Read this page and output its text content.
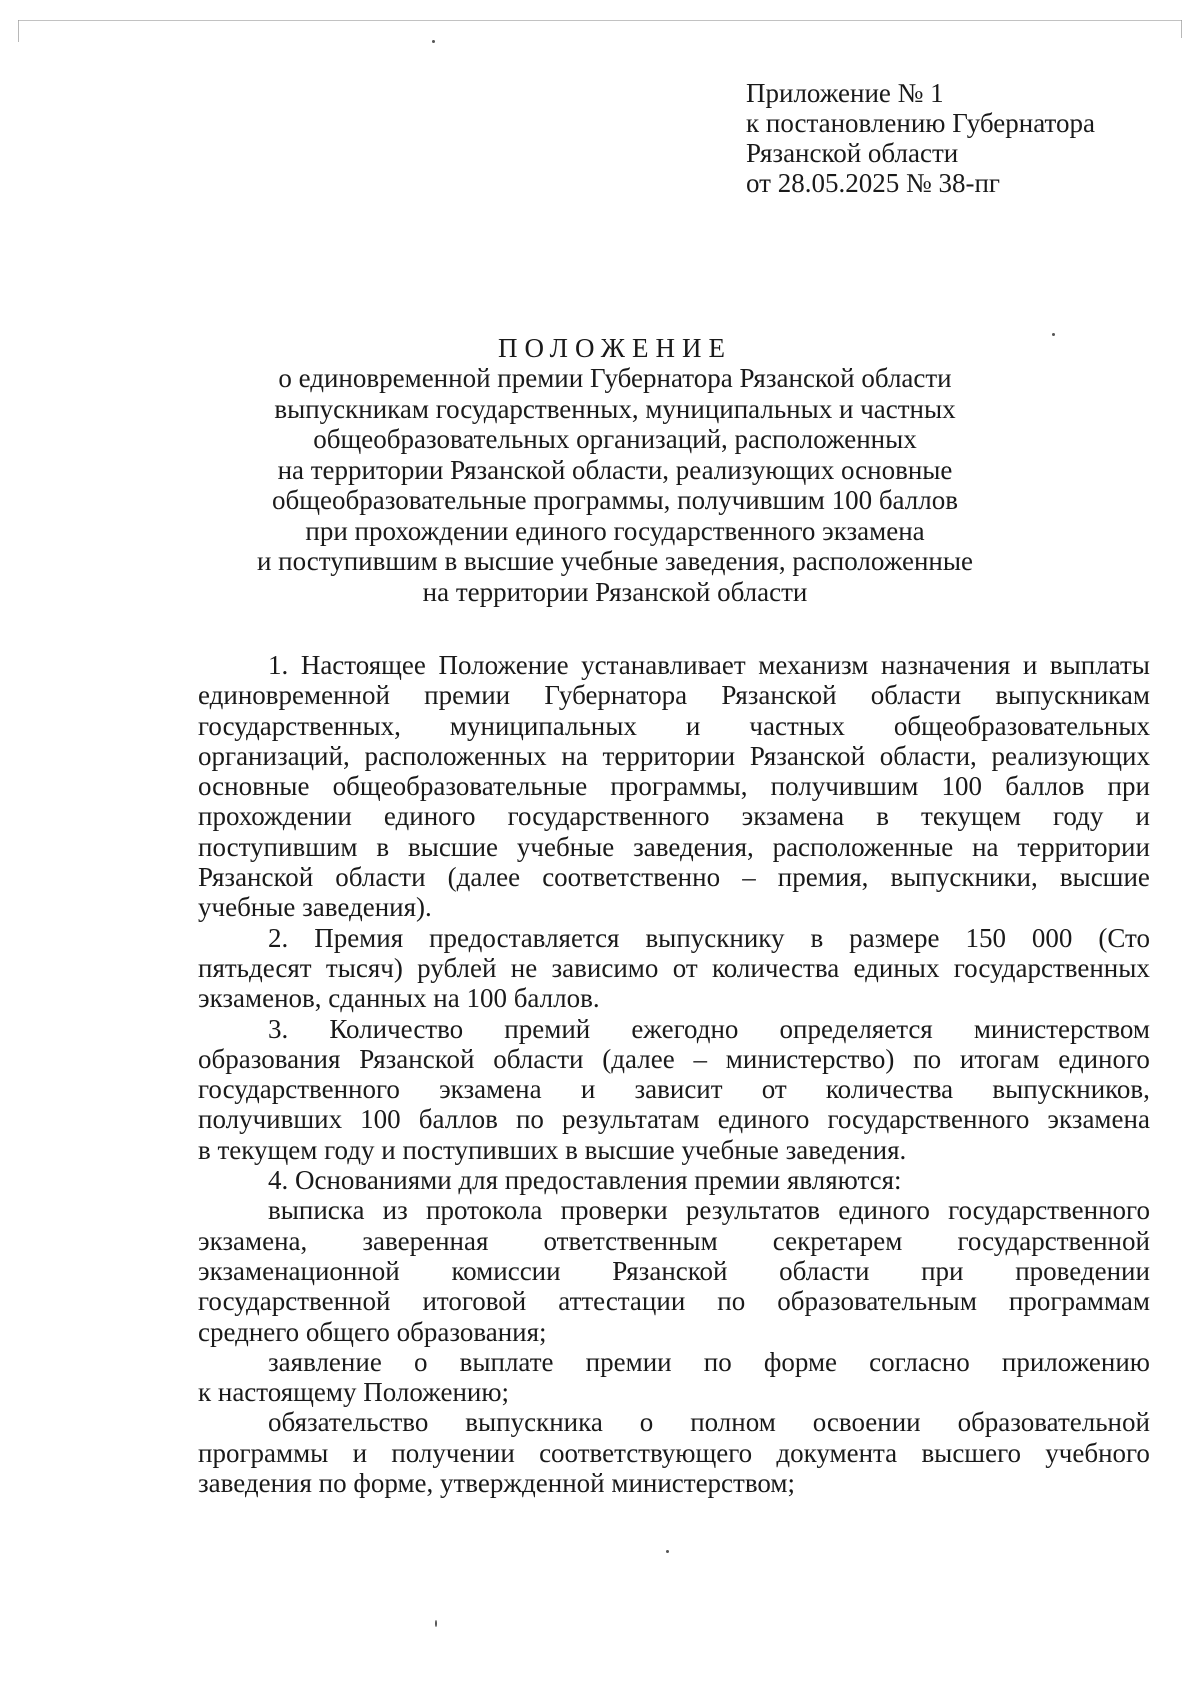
Приложение № 1
к постановлению Губернатора
Рязанской области
от 28.05.2025 № 38-пг
ПОЛОЖЕНИЕ
о единовременной премии Губернатора Рязанской области
выпускникам государственных, муниципальных и частных
общеобразовательных организаций, расположенных
на территории Рязанской области, реализующих основные
общеобразовательные программы, получившим 100 баллов
при прохождении единого государственного экзамена
и поступившим в высшие учебные заведения, расположенные
на территории Рязанской области
1. Настоящее Положение устанавливает механизм назначения и выплаты
единовременной премии Губернатора Рязанской области выпускникам
государственных, муниципальных и частных общеобразовательных
организаций, расположенных на территории Рязанской области, реализующих
основные общеобразовательные программы, получившим 100 баллов при
прохождении единого государственного экзамена в текущем году и
поступившим в высшие учебные заведения, расположенные на территории
Рязанской области (далее соответственно – премия, выпускники, высшие
учебные заведения).
2. Премия предоставляется выпускнику в размере 150 000 (Сто
пятьдесят тысяч) рублей не зависимо от количества единых государственных
экзаменов, сданных на 100 баллов.
3. Количество премий ежегодно определяется министерством
образования Рязанской области (далее – министерство) по итогам единого
государственного экзамена и зависит от количества выпускников,
получивших 100 баллов по результатам единого государственного экзамена
в текущем году и поступивших в высшие учебные заведения.
4. Основаниями для предоставления премии являются:
выписка из протокола проверки результатов единого государственного
экзамена, заверенная ответственным секретарем государственной
экзаменационной комиссии Рязанской области при проведении
государственной итоговой аттестации по образовательным программам
среднего общего образования;
заявление о выплате премии по форме согласно приложению
к настоящему Положению;
обязательство выпускника о полном освоении образовательной
программы и получении соответствующего документа высшего учебного
заведения по форме, утвержденной министерством;
